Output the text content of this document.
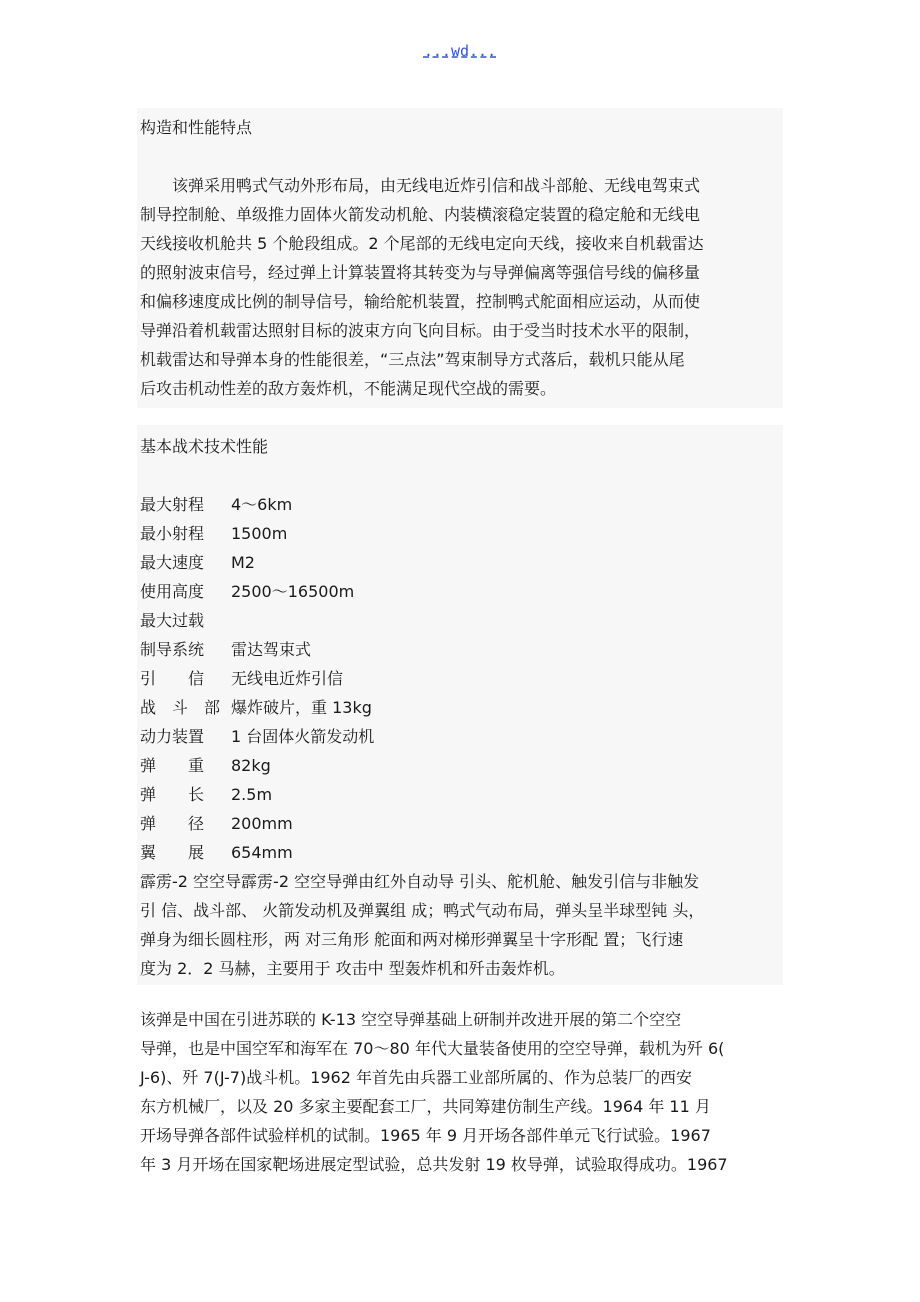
...wd...
构造和性能特点
　　该弹采用鸭式气动外形布局，由无线电近炸引信和战斗部舱、无线电驾束式
制导控制舱、单级推力固体火箭发动机舱、内装横滚稳定装置的稳定舱和无线电
天线接收机舱共 5 个舱段组成。2 个尾部的无线电定向天线，接收来自机载雷达
的照射波束信号，经过弹上计算装置将其转变为与导弹偏离等强信号线的偏移量
和偏移速度成比例的制导信号，输给舵机装置，控制鸭式舵面相应运动，从而使
导弹沿着机载雷达照射目标的波束方向飞向目标。由于受当时技术水平的限制，
机载雷达和导弹本身的性能很差，“三点法”驾束制导方式落后，载机只能从尾
后攻击机动性差的敌方轰炸机，不能满足现代空战的需要。
基本战术技术性能
最大射程 4～6km
最小射程 1500m
最大速度 M2
使用高度 2500～16500m
最大过载
制导系统 雷达驾束式
引　　信 无线电近炸引信
战　斗　部 爆炸破片，重 13kg
动力装置 1 台固体火箭发动机
弹　　重 82kg
弹　　长 2.5m
弹　　径 200mm
翼　　展 654mm
霹雳-2 空空导霹雳-2 空空导弹由红外自动导 引头、舵机舱、触发引信与非触发
引 信、战斗部、 火箭发动机及弹翼组 成；鸭式气动布局，弹头呈半球型钝 头，
弹身为细长圆柱形，两 对三角形 舵面和两对梯形弹翼呈十字形配 置；飞行速
度为 2．2 马赫，主要用于 攻击中 型轰炸机和歼击轰炸机。
该弹是中国在引进苏联的 K-13 空空导弹基础上研制并改进开展的第二个空空
导弹，也是中国空军和海军在 70～80 年代大量装备使用的空空导弹，载机为歼 6(
J-6)、歼 7(J-7)战斗机。1962 年首先由兵器工业部所属的、作为总装厂的西安
东方机械厂，以及 20 多家主要配套工厂，共同筹建仿制生产线。1964 年 11 月
开场导弹各部件试验样机的试制。1965 年 9 月开场各部件单元飞行试验。1967
年 3 月开场在国家靶场进展定型试验，总共发射 19 枚导弹，试验取得成功。1967
